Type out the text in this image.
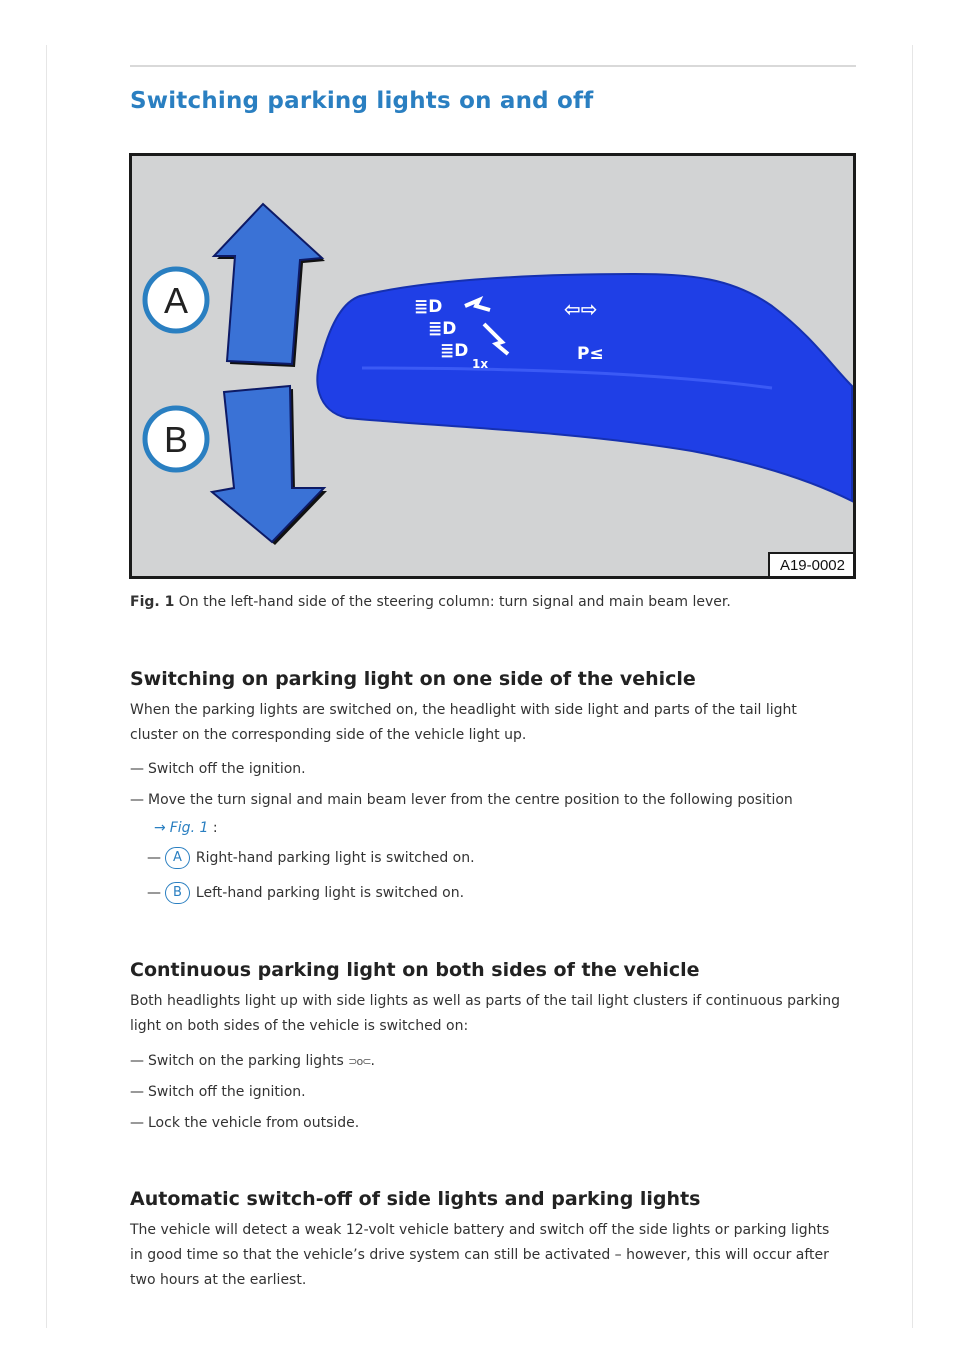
Switching parking lights on and off
≣D
≣D
≣D
1x
⇦⇨
P≤
A
B
A19-0002

Fig. 1 On the left-hand side of the steering column: turn signal and main beam lever.

Switching on parking light on one side of the vehicle

When the parking lights are switched on, the headlight with side light and parts of the tail light cluster on the corresponding side of the vehicle light up.

— Switch off the ignition.

— Move the turn signal and main beam lever from the centre position to the following position

→ Fig. 1 :

— A Right-hand parking light is switched on.

— B Left-hand parking light is switched on.

Continuous parking light on both sides of the vehicle

Both headlights light up with side lights as well as parts of the tail light clusters if continuous parking light on both sides of the vehicle is switched on:

— Switch on the parking lights ⊃o⊂.

— Switch off the ignition.

— Lock the vehicle from outside.

Automatic switch-off of side lights and parking lights

The vehicle will detect a weak 12-volt vehicle battery and switch off the side lights or parking lights in good time so that the vehicle’s drive system can still be activated – however, this will occur after two hours at the earliest.
